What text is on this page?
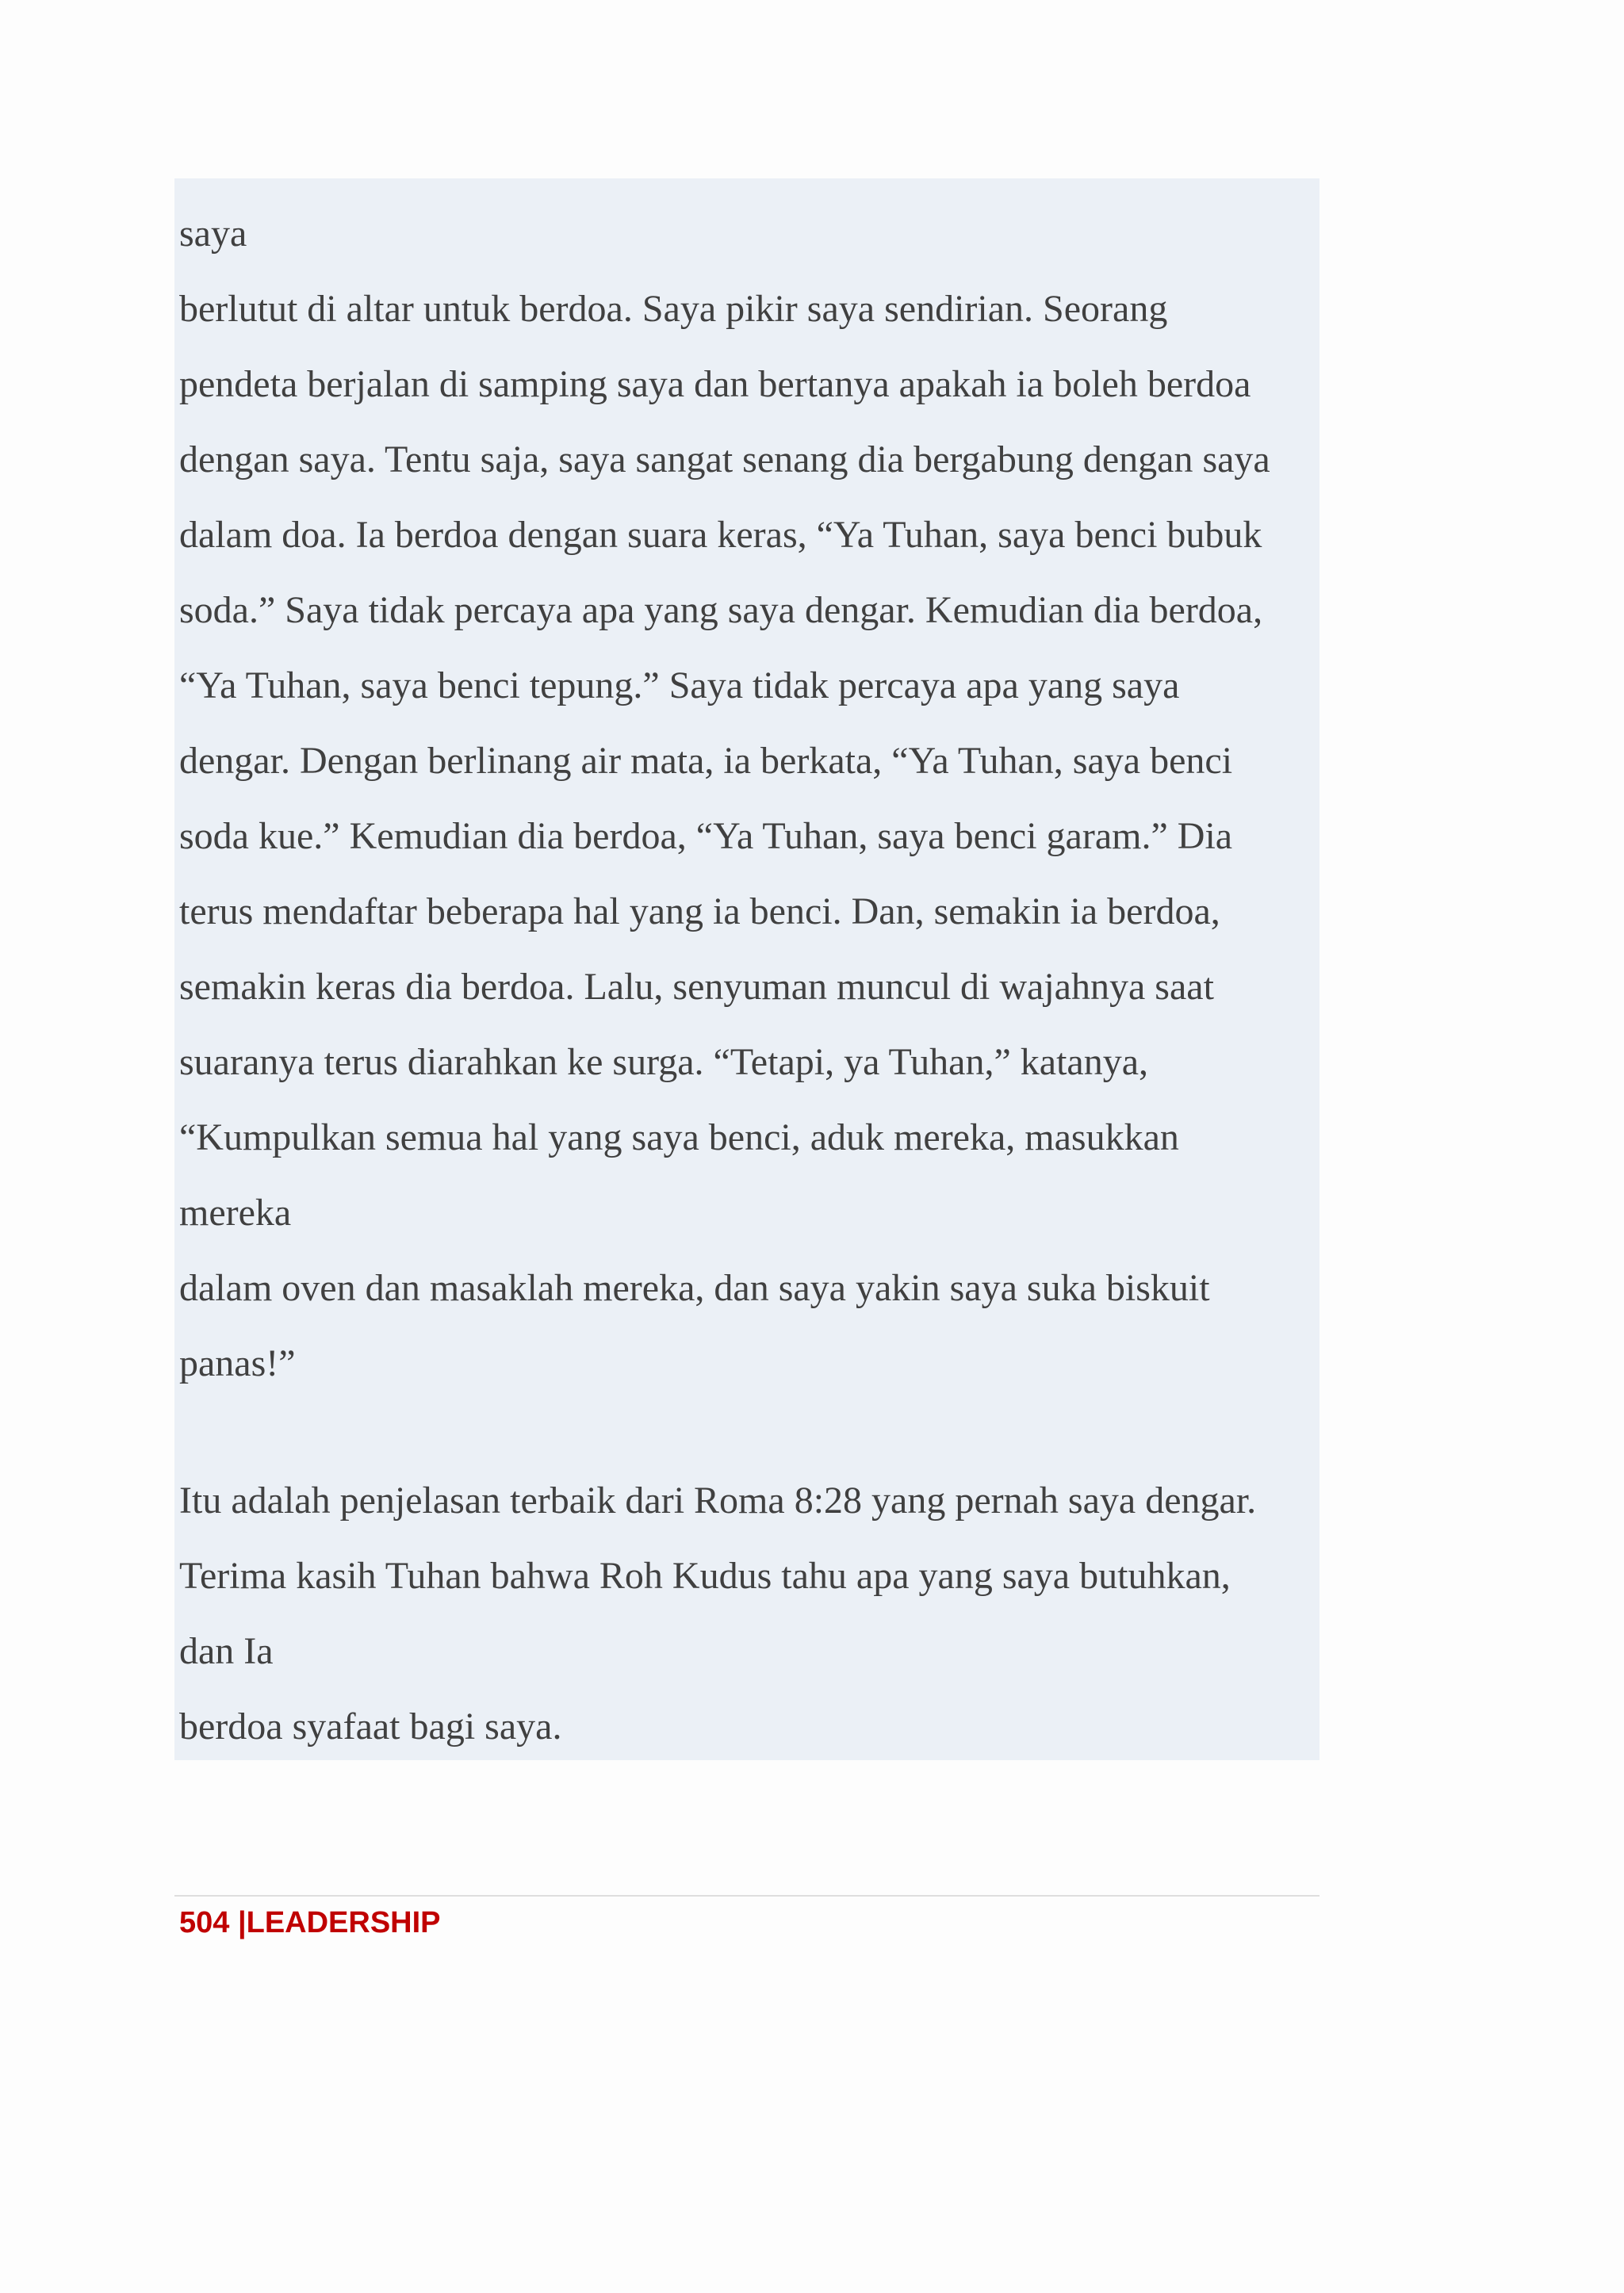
saya
berlutut di altar untuk berdoa. Saya pikir saya sendirian. Seorang
pendeta berjalan di samping saya dan bertanya apakah ia boleh berdoa
dengan saya. Tentu saja, saya sangat senang dia bergabung dengan saya
dalam doa. Ia berdoa dengan suara keras, “Ya Tuhan, saya benci bubuk
soda.” Saya tidak percaya apa yang saya dengar. Kemudian dia berdoa,
“Ya Tuhan, saya benci tepung.” Saya tidak percaya apa yang saya
dengar. Dengan berlinang air mata, ia berkata, “Ya Tuhan, saya benci
soda kue.” Kemudian dia berdoa, “Ya Tuhan, saya benci garam.” Dia
terus mendaftar beberapa hal yang ia benci. Dan, semakin ia berdoa,
semakin keras dia berdoa. Lalu, senyuman muncul di wajahnya saat
suaranya terus diarahkan ke surga. “Tetapi, ya Tuhan,” katanya,
“Kumpulkan semua hal yang saya benci, aduk mereka, masukkan
mereka
dalam oven dan masaklah mereka, dan saya yakin saya suka biskuit
panas!”
Itu adalah penjelasan terbaik dari Roma 8:28 yang pernah saya dengar.
Terima kasih Tuhan bahwa Roh Kudus tahu apa yang saya butuhkan,
dan Ia
berdoa syafaat bagi saya.
504 |LEADERSHIP
